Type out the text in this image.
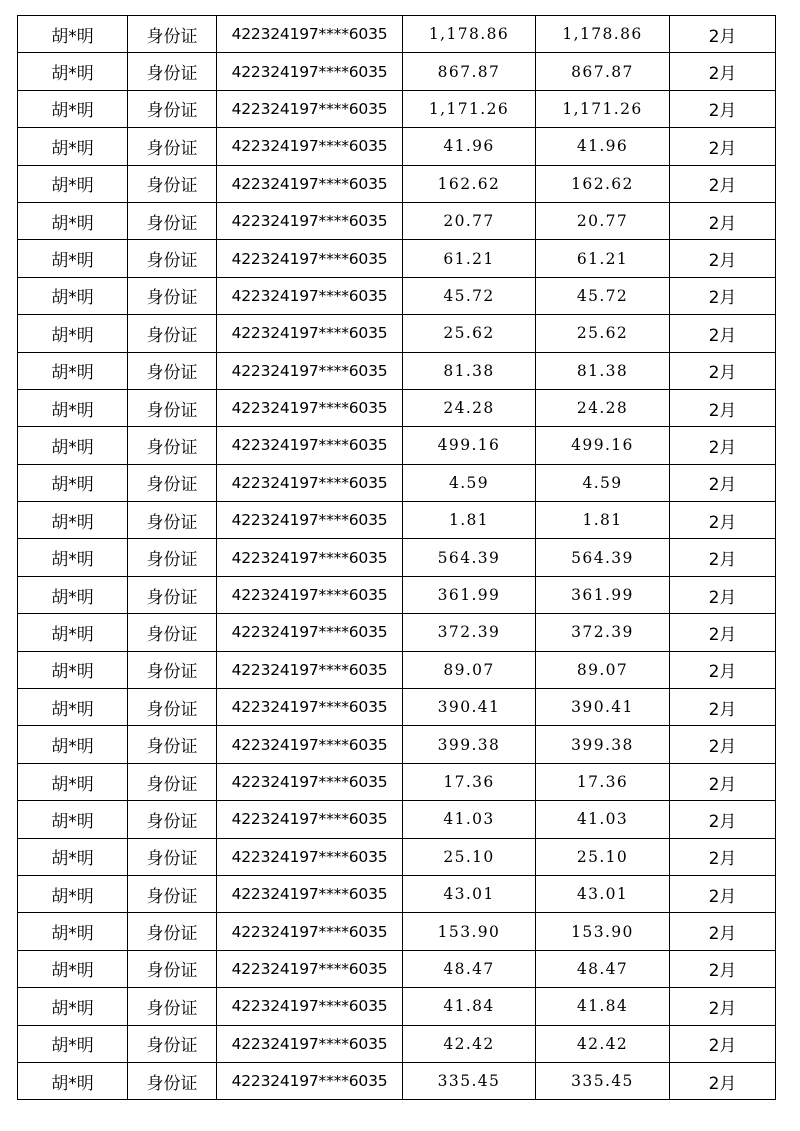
胡*明	身份证	422324197****6035	1,178.86	1,178.86	2月
胡*明	身份证	422324197****6035	867.87	867.87	2月
胡*明	身份证	422324197****6035	1,171.26	1,171.26	2月
胡*明	身份证	422324197****6035	41.96	41.96	2月
胡*明	身份证	422324197****6035	162.62	162.62	2月
胡*明	身份证	422324197****6035	20.77	20.77	2月
胡*明	身份证	422324197****6035	61.21	61.21	2月
胡*明	身份证	422324197****6035	45.72	45.72	2月
胡*明	身份证	422324197****6035	25.62	25.62	2月
胡*明	身份证	422324197****6035	81.38	81.38	2月
胡*明	身份证	422324197****6035	24.28	24.28	2月
胡*明	身份证	422324197****6035	499.16	499.16	2月
胡*明	身份证	422324197****6035	4.59	4.59	2月
胡*明	身份证	422324197****6035	1.81	1.81	2月
胡*明	身份证	422324197****6035	564.39	564.39	2月
胡*明	身份证	422324197****6035	361.99	361.99	2月
胡*明	身份证	422324197****6035	372.39	372.39	2月
胡*明	身份证	422324197****6035	89.07	89.07	2月
胡*明	身份证	422324197****6035	390.41	390.41	2月
胡*明	身份证	422324197****6035	399.38	399.38	2月
胡*明	身份证	422324197****6035	17.36	17.36	2月
胡*明	身份证	422324197****6035	41.03	41.03	2月
胡*明	身份证	422324197****6035	25.10	25.10	2月
胡*明	身份证	422324197****6035	43.01	43.01	2月
胡*明	身份证	422324197****6035	153.90	153.90	2月
胡*明	身份证	422324197****6035	48.47	48.47	2月
胡*明	身份证	422324197****6035	41.84	41.84	2月
胡*明	身份证	422324197****6035	42.42	42.42	2月
胡*明	身份证	422324197****6035	335.45	335.45	2月
